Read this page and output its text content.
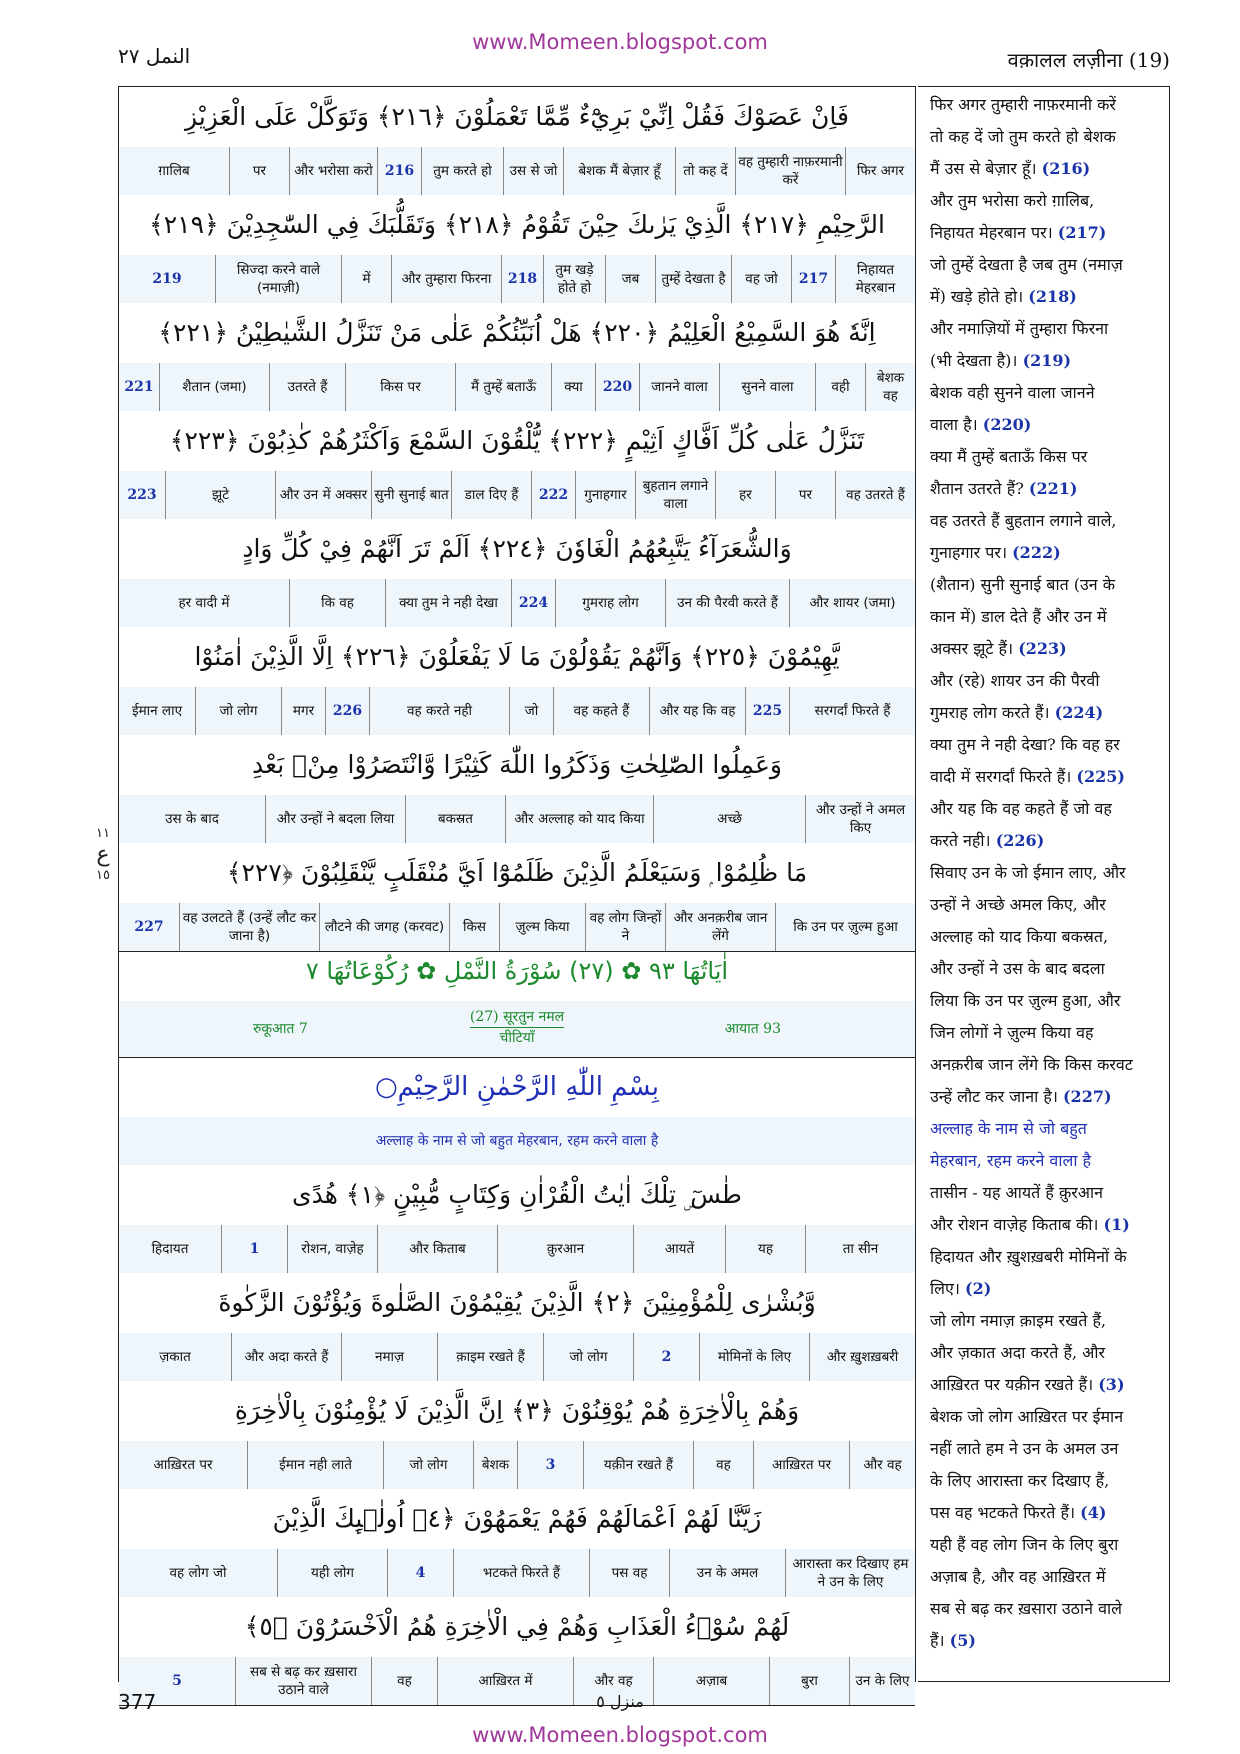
www.Momeen.blogspot.com
النمل ٢٧	वक़ालल लज़ीना (19)
١١
ع
١٥
اٰيَاتُهَا ٩٣ ✿ (٢٧) سُوْرَةُ النَّمْلِ ✿ رُكُوْعَاتُهَا ٧
रुकूआत 7
(27) सूरतुन नमल
चीटियाँ
आयात 93
بِسْمِ اللّٰهِ الرَّحْمٰنِ الرَّحِيْمِ○
अल्लाह के नाम से जो बहुत मेहरबान, रहम करने वाला है
فَاِنْ عَصَوْكَ فَقُلْ اِنِّيْ بَرِيْٓءٌ مِّمَّا تَعْمَلُوْنَ ﴿٢١٦﴾ وَتَوَكَّلْ عَلَى الْعَزِيْزِ
फिर अगर
वह तुम्हारी नाफ़रमानी करें
तो कह दें
बेशक मैं बेज़ार हूँ
उस से जो
तुम करते हो
216
और भरोसा करो
पर
ग़ालिब
الرَّحِيْمِ ﴿٢١٧﴾ الَّذِيْ يَرٰىكَ حِيْنَ تَقُوْمُ ﴿٢١٨﴾ وَتَقَلُّبَكَ فِي السّٰجِدِيْنَ ﴿٢١٩﴾
निहायत मेहरबान
217
वह जो
तुम्हें देखता है
जब
तुम खड़े होते हो
218
और तुम्हारा फिरना
में
सिज्दा करने वाले (नमाज़ी)
219
اِنَّهٗ هُوَ السَّمِيْعُ الْعَلِيْمُ ﴿٢٢٠﴾ هَلْ اُنَبِّئُكُمْ عَلٰى مَنْ تَنَزَّلُ الشَّيٰطِيْنُ ﴿٢٢١﴾
बेशक वह
वही
सुनने वाला
जानने वाला
220
क्या
मैं तुम्हें बताऊँ
किस पर
उतरते हैं
शैतान (जमा)
221
تَنَزَّلُ عَلٰى كُلِّ اَفَّاكٍ اَثِيْمٍ ﴿٢٢٢﴾ يُّلْقُوْنَ السَّمْعَ وَاَكْثَرُهُمْ كٰذِبُوْنَ ﴿٢٢٣﴾
वह उतरते हैं
पर
हर
बुहतान लगाने वाला
गुनाहगार
222
डाल दिए हैं
सुनी सुनाई बात
और उन में अक्सर
झूटे
223
وَالشُّعَرَآءُ يَتَّبِعُهُمُ الْغَاوٗنَ ﴿٢٢٤﴾ اَلَمْ تَرَ اَنَّهُمْ فِيْ كُلِّ وَادٍ
और शायर (जमा)
उन की पैरवी करते हैं
गुमराह लोग
224
क्या तुम ने नही देखा
कि वह
हर वादी में
يَّهِيْمُوْنَ ﴿٢٢٥﴾ وَاَنَّهُمْ يَقُوْلُوْنَ مَا لَا يَفْعَلُوْنَ ﴿٢٢٦﴾ اِلَّا الَّذِيْنَ اٰمَنُوْا
सरगर्दां फिरते हैं
225
और यह कि वह
वह कहते हैं
जो
वह करते नही
226
मगर
जो लोग
ईमान लाए
وَعَمِلُوا الصّٰلِحٰتِ وَذَكَرُوا اللّٰهَ كَثِيْرًا وَّانْتَصَرُوْا مِنْۢ بَعْدِ
और उन्हों ने अमल किए
अच्छे
और अल्लाह को याद किया
बकस्रत
और उन्हों ने बदला लिया
उस के बाद
مَا ظُلِمُوْا ۭ وَسَيَعْلَمُ الَّذِيْنَ ظَلَمُوْٓا اَيَّ مُنْقَلَبٍ يَّنْقَلِبُوْنَ ﴿٢٢٧﴾
कि उन पर ज़ुल्म हुआ
और अनक़रीब जान लेंगे
वह लोग जिन्हों ने
ज़ुल्म किया
किस
लौटने की जगह (करवट)
वह उलटते हैं (उन्हें लौट कर जाना है)
227
طٰسٓ ۣ تِلْكَ اٰيٰتُ الْقُرْاٰنِ وَكِتَابٍ مُّبِيْنٍ ﴿١﴾ هُدًى
ता सीन
यह
आयतें
क़ुरआन
और किताब
रोशन, वाज़ेह
1
हिदायत
وَّبُشْرٰى لِلْمُؤْمِنِيْنَ ﴿٢﴾ الَّذِيْنَ يُقِيْمُوْنَ الصَّلٰوةَ وَيُؤْتُوْنَ الزَّكٰوةَ
और ख़ुशख़बरी
मोमिनों के लिए
2
जो लोग
क़ाइम रखते हैं
नमाज़
और अदा करते हैं
ज़कात
وَهُمْ بِالْاٰخِرَةِ هُمْ يُوْقِنُوْنَ ﴿٣﴾ اِنَّ الَّذِيْنَ لَا يُؤْمِنُوْنَ بِالْاٰخِرَةِ
और वह
आख़िरत पर
वह
यक़ीन रखते हैं
3
बेशक
जो लोग
ईमान नही लाते
आख़िरत पर
زَيَّنَّا لَهُمْ اَعْمَالَهُمْ فَهُمْ يَعْمَهُوْنَ ﴿٤﴾ اُولٰۗىِٕكَ الَّذِيْنَ
आरास्ता कर दिखाए हम ने उन के लिए
उन के अमल
पस वह
भटकते फिरते हैं
4
यही लोग
वह लोग जो
لَهُمْ سُوْۗءُ الْعَذَابِ وَهُمْ فِي الْاٰخِرَةِ هُمُ الْاَخْسَرُوْنَ ﴿٥﴾
उन के लिए
बुरा
अज़ाब
और वह
आख़िरत में
वह
सब से बढ़ कर ख़सारा उठाने वाले
5
फिर अगर तुम्हारी नाफ़रमानी करें
तो कह दें जो तुम करते हो बेशक
मैं उस से बेज़ार हूँ। (216)
और तुम भरोसा करो ग़ालिब,
निहायत मेहरबान पर। (217)
जो तुम्हें देखता है जब तुम (नमाज़
में) खड़े होते हो। (218)
और नमाज़ियों में तुम्हारा फिरना
(भी देखता है)। (219)
बेशक वही सुनने वाला जानने
वाला है। (220)
क्या मैं तुम्हें बताऊँ किस पर
शैतान उतरते हैं? (221)
वह उतरते हैं बुहतान लगाने वाले,
गुनाहगार पर। (222)
(शैतान) सुनी सुनाई बात (उन के
कान में) डाल देते हैं और उन में
अक्सर झूटे हैं। (223)
और (रहे) शायर उन की पैरवी
गुमराह लोग करते हैं। (224)
क्या तुम ने नही देखा? कि वह हर
वादी में सरगर्दां फिरते हैं। (225)
और यह कि वह कहते हैं जो वह
करते नही। (226)
सिवाए उन के जो ईमान लाए, और
उन्हों ने अच्छे अमल किए, और
अल्लाह को याद किया बकस्रत,
और उन्हों ने उस के बाद बदला
लिया कि उन पर ज़ुल्म हुआ, और
जिन लोगों ने ज़ुल्म किया वह
अनक़रीब जान लेंगे कि किस करवट
उन्हें लौट कर जाना है। (227)
अल्लाह के नाम से जो बहुत
मेहरबान, रहम करने वाला है
तासीन - यह आयतें हैं क़ुरआन
और रोशन वाज़ेह किताब की। (1)
हिदायत और ख़ुशख़बरी मोमिनों के
लिए। (2)
जो लोग नमाज़ क़ाइम रखते हैं,
और ज़कात अदा करते हैं, और
आख़िरत पर यक़ीन रखते हैं। (3)
बेशक जो लोग आख़िरत पर ईमान
नहीं लाते हम ने उन के अमल उन
के लिए आरास्ता कर दिखाए हैं,
पस वह भटकते फिरते हैं। (4)
यही हैं वह लोग जिन के लिए बुरा
अज़ाब है, और वह आख़िरत में
सब से बढ़ कर ख़सारा उठाने वाले
हैं। (5)
377	منزل ٥
www.Momeen.blogspot.com
